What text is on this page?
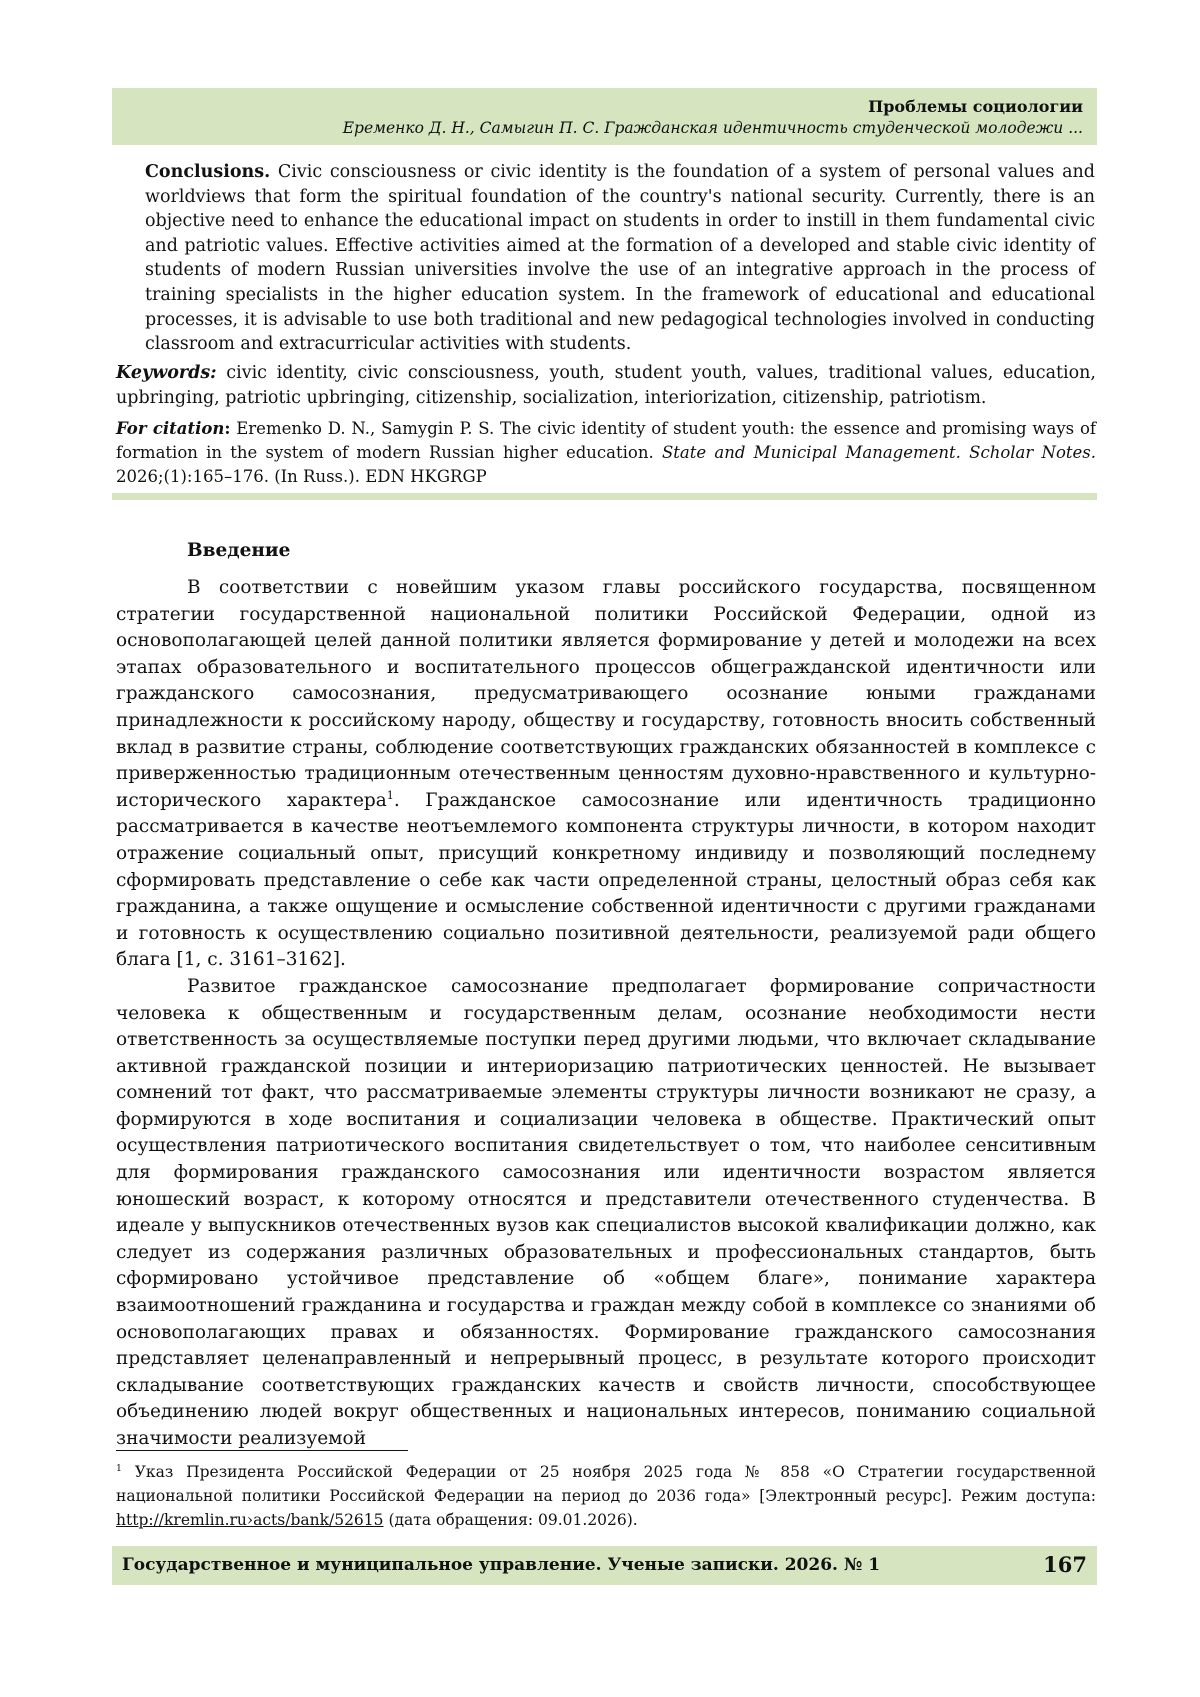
Проблемы социологии
Еременко Д. Н., Самыгин П. С. Гражданская идентичность студенческой молодежи ...
Conclusions. Civic consciousness or civic identity is the foundation of a system of personal values and worldviews that form the spiritual foundation of the country's national security. Currently, there is an objective need to enhance the educational impact on students in order to instill in them fundamental civic and patriotic values. Effective activities aimed at the formation of a developed and stable civic identity of students of modern Russian universities involve the use of an integrative approach in the process of training specialists in the higher education system. In the framework of educational and educational processes, it is advisable to use both traditional and new pedagogical technologies involved in conducting classroom and extracurricular activities with students.
Keywords: civic identity, civic consciousness, youth, student youth, values, traditional values, education, upbringing, patriotic upbringing, citizenship, socialization, interiorization, citizenship, patriotism.
For citation: Eremenko D. N., Samygin P. S. The civic identity of student youth: the essence and promising ways of formation in the system of modern Russian higher education. State and Municipal Management. Scholar Notes. 2026;(1):165–176. (In Russ.). EDN HKGRGP
Введение

В соответствии с новейшим указом главы российского государства, посвященном стратегии государственной национальной политики Российской Федерации, одной из основополагающей целей данной политики является формирование у детей и молодежи на всех этапах образовательного и воспитательного процессов общегражданской идентичности или гражданского самосознания, предусматривающего осознание юными гражданами принадлежности к российскому народу, обществу и государству, готовность вносить собственный вклад в развитие страны, соблюдение соответствующих гражданских обязанностей в комплексе с приверженностью традиционным отечественным ценностям духовно-нравственного и культурно-исторического характера$^1$. Гражданское самосознание или идентичность традиционно рассматривается в качестве неотъемлемого компонента структуры личности, в котором находит отражение социальный опыт, присущий конкретному индивиду и позволяющий последнему сформировать представление о себе как части определенной страны, целостный образ себя как гражданина, а также ощущение и осмысление собственной идентичности с другими гражданами и готовность к осуществлению социально позитивной деятельности, реализуемой ради общего блага [1, с. 3161–3162].

Развитое гражданское самосознание предполагает формирование сопричастности человека к общественным и государственным делам, осознание необходимости нести ответственность за осуществляемые поступки перед другими людьми, что включает складывание активной гражданской позиции и интериоризацию патриотических ценностей. Не вызывает сомнений тот факт, что рассматриваемые элементы структуры личности возникают не сразу, а формируются в ходе воспитания и социализации человека в обществе. Практический опыт осуществления патриотического воспитания свидетельствует о том, что наиболее сенситивным для формирования гражданского самосознания или идентичности возрастом является юношеский возраст, к которому относятся и представители отечественного студенчества. В идеале у выпускников отечественных вузов как специалистов высокой квалификации должно, как следует из содержания различных образовательных и профессиональных стандартов, быть сформировано устойчивое представление об «общем благе», понимание характера взаимоотношений гражданина и государства и граждан между собой в комплексе со знаниями об основополагающих правах и обязанностях. Формирование гражданского самосознания представляет целенаправленный и непрерывный процесс, в результате которого происходит складывание соответствующих гражданских качеств и свойств личности, способствующее объединению людей вокруг общественных и национальных интересов, пониманию социальной значимости реализуемой

$^1$ Указ Президента Российской Федерации от 25 ноября 2025 года № 858 «О Стратегии государственной национальной политики Российской Федерации на период до 2036 года» [Электронный ресурс]. Режим доступа: http://kremlin.ru›acts/bank/52615 (дата обращения: 09.01.2026).
Государственное и муниципальное управление. Ученые записки. 2026. № 1	167
